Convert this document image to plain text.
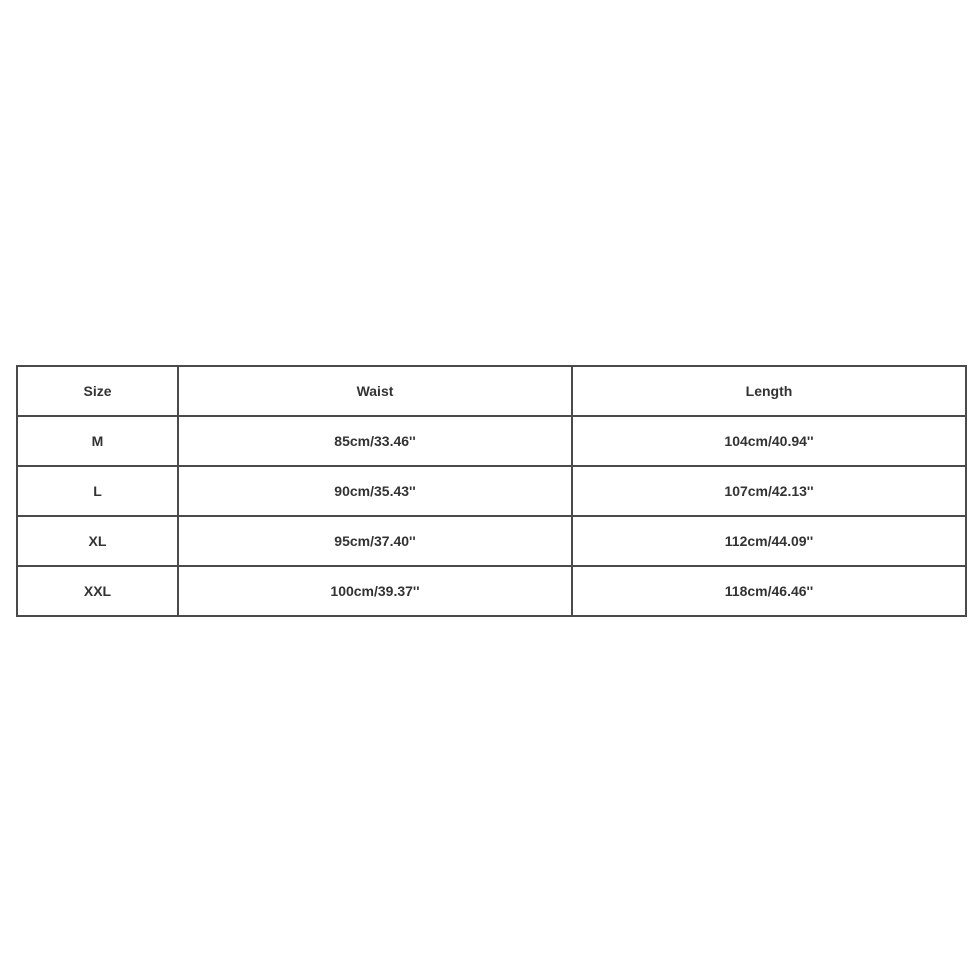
Size	Waist	Length
M	85cm/33.46''	104cm/40.94''
L	90cm/35.43''	107cm/42.13''
XL	95cm/37.40''	112cm/44.09''
XXL	100cm/39.37''	118cm/46.46''
